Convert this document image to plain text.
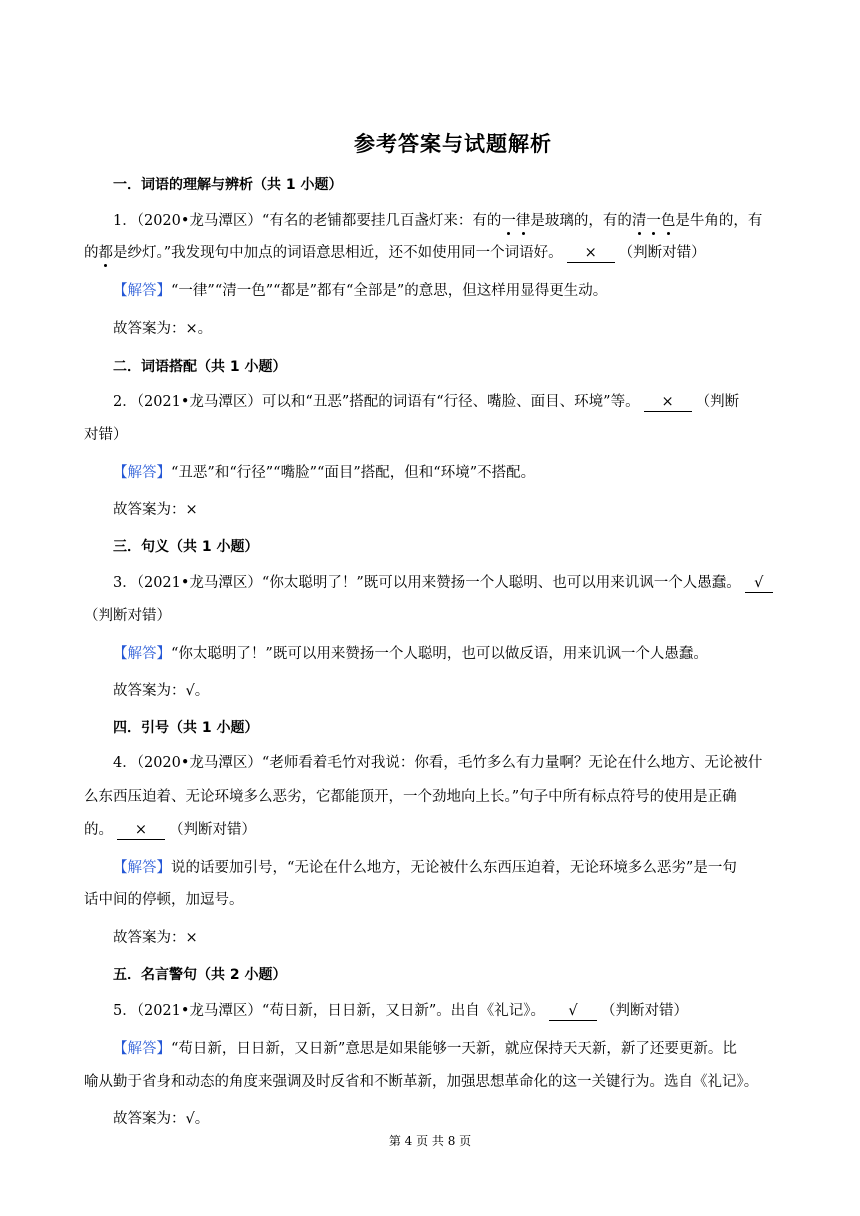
参考答案与试题解析
一．词语的理解与辨析（共 1 小题）
1．（2020•龙马潭区）“有名的老铺都要挂几百盏灯来：有的一律是玻璃的，有的清一色是牛角的，有
的都是纱灯。”我发现句中加点的词语意思相近，还不如使用同一个词语好。 × （判断对错）
【解答】“一律”“清一色”“都是”都有“全部是”的意思，但这样用显得更生动。
故答案为：×。
二．词语搭配（共 1 小题）
2．（2021•龙马潭区）可以和“丑恶”搭配的词语有“行径、嘴脸、面目、环境”等。 × （判断
对错）
【解答】“丑恶”和“行径”“嘴脸”“面目”搭配，但和“环境”不搭配。
故答案为：×
三．句义（共 1 小题）
3．（2021•龙马潭区）“你太聪明了！”既可以用来赞扬一个人聪明、也可以用来讥讽一个人愚蠢。 √
（判断对错）
【解答】“你太聪明了！”既可以用来赞扬一个人聪明，也可以做反语，用来讥讽一个人愚蠢。
故答案为：√。
四．引号（共 1 小题）
4．（2020•龙马潭区）“老师看着毛竹对我说：你看，毛竹多么有力量啊？无论在什么地方、无论被什
么东西压迫着、无论环境多么恶劣，它都能顶开，一个劲地向上长。”句子中所有标点符号的使用是正确
的。 × （判断对错）
【解答】说的话要加引号，“无论在什么地方，无论被什么东西压迫着，无论环境多么恶劣”是一句
话中间的停顿，加逗号。
故答案为：×
五．名言警句（共 2 小题）
5．（2021•龙马潭区）“苟日新，日日新，又日新”。出自《礼记》。 √ （判断对错）
【解答】“苟日新，日日新，又日新”意思是如果能够一天新，就应保持天天新，新了还要更新。比
喻从勤于省身和动态的角度来强调及时反省和不断革新，加强思想革命化的这一关键行为。选自《礼记》。
故答案为：√。
第 4 页 共 8 页
